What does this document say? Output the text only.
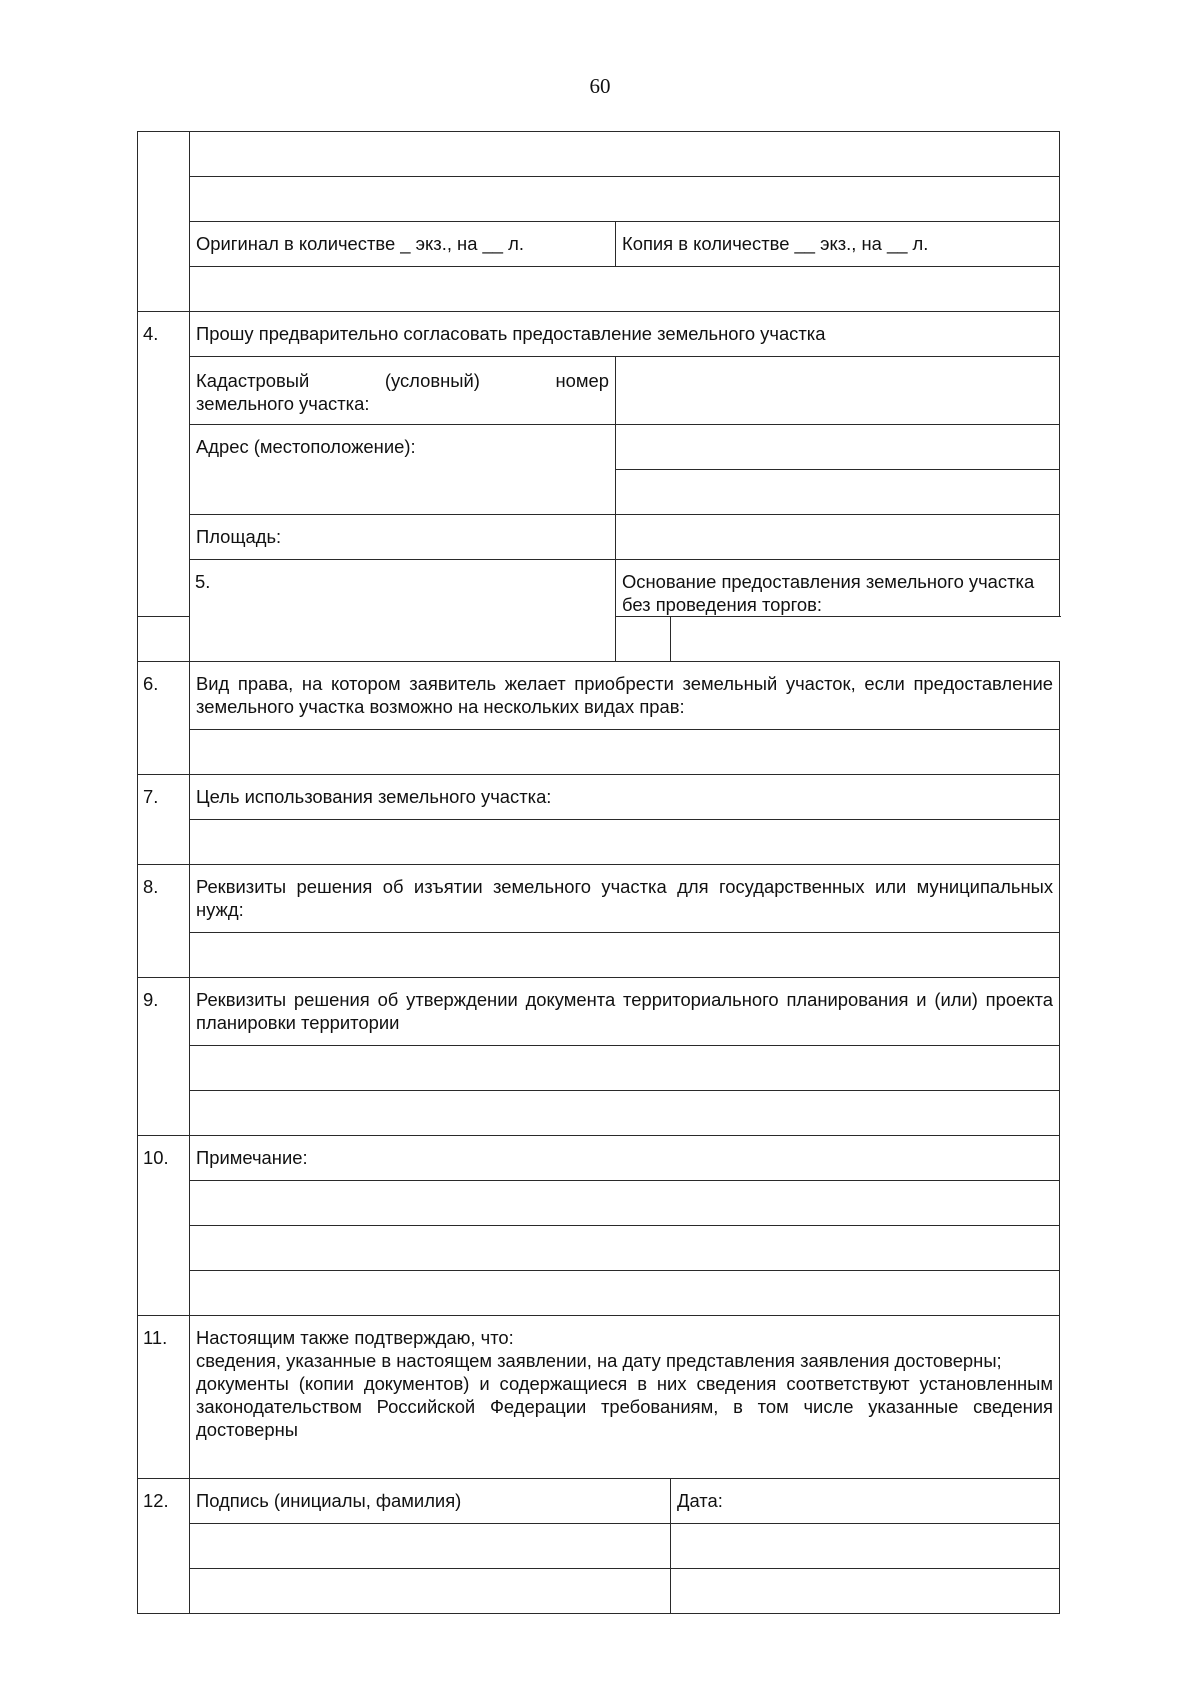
60

	Оригинал в количестве _ экз., на __ л.	Копия в количестве __ экз., на __ л.	

4.	Прошу предварительно согласовать предоставление земельного участка		

	Кадастровый (условный) номер
земельного участка:		

	Адрес (местоположение):		

	Площадь:		
	5.	Основание предоставления земельного участка без проведения торгов:	

6.	Вид права, на котором заявитель желает приобрести земельный участок, если предоставление земельного участка возможно на нескольких видах прав:		

7.	Цель использования земельного участка:		

8.	Реквизиты решения об изъятии земельного участка для государственных или муниципальных нужд:		

9.	Реквизиты решения об утверждении документа территориального планирования и (или) проекта планировки территории		

10.	Примечание:		

11.	Настоящим также подтверждаю, что:
сведения, указанные в настоящем заявлении, на дату представления заявления достоверны;
документы (копии документов) и содержащиеся в них сведения соответствуют установленным законодательством Российской Федерации требованиям, в том числе указанные сведения достоверны		

12.	Подпись (инициалы, фамилия)		Дата:
